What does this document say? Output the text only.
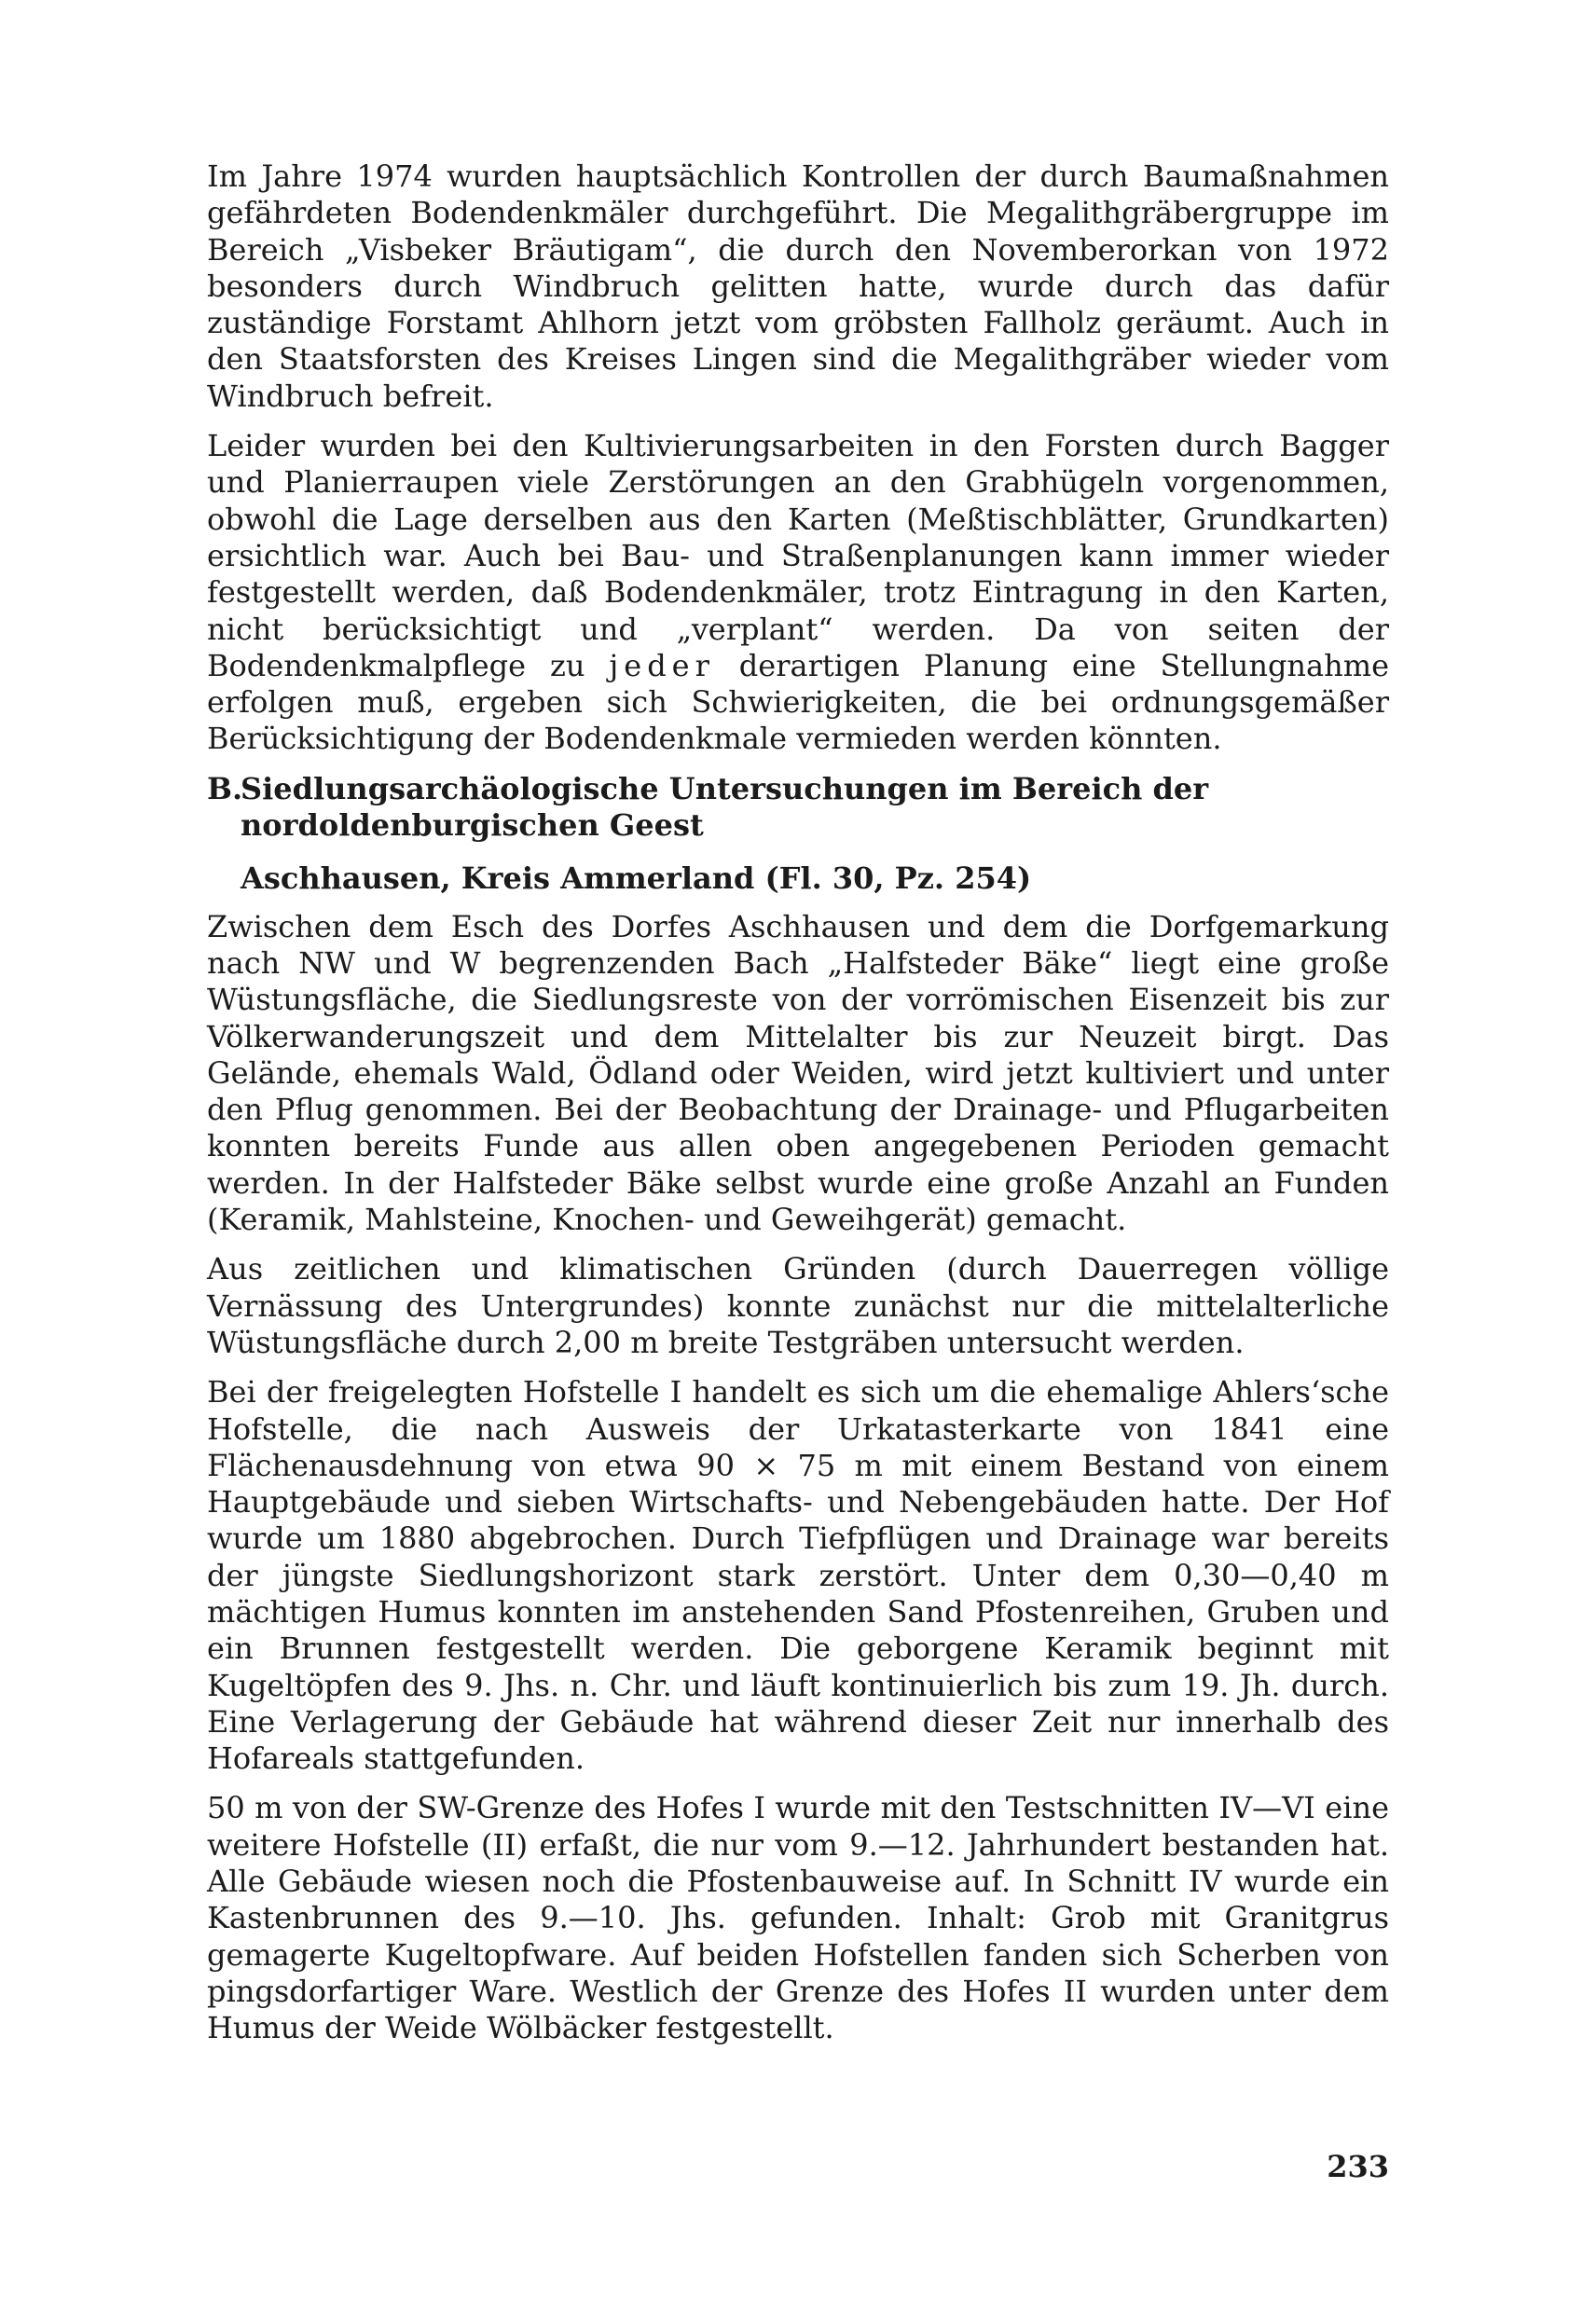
Im Jahre 1974 wurden hauptsächlich Kontrollen der durch Baumaßnahmen gefährdeten Bodendenkmäler durchgeführt. Die Megalithgräbergruppe im Bereich „Visbeker Bräutigam“, die durch den Novemberorkan von 1972 besonders durch Windbruch gelitten hatte, wurde durch das dafür zuständige Forstamt Ahlhorn jetzt vom gröbsten Fallholz geräumt. Auch in den Staatsforsten des Kreises Lingen sind die Megalithgräber wieder vom Windbruch befreit.

Leider wurden bei den Kultivierungsarbeiten in den Forsten durch Bagger und Planierraupen viele Zerstörungen an den Grabhügeln vorgenommen, obwohl die Lage derselben aus den Karten (Meßtischblätter, Grundkarten) ersichtlich war. Auch bei Bau- und Straßenplanungen kann immer wieder festgestellt werden, daß Bodendenkmäler, trotz Eintragung in den Karten, nicht berücksichtigt und „verplant“ werden. Da von seiten der Bodendenkmalpflege zu jeder derartigen Planung eine Stellungnahme erfolgen muß, ergeben sich Schwierigkeiten, die bei ordnungsgemäßer Berücksichtigung der Bodendenkmale vermieden werden könnten.

B.
Siedlungsarchäologische Untersuchungen im Bereich der nordoldenburgischen Geest
Aschhausen, Kreis Ammerland (Fl. 30, Pz. 254)

Zwischen dem Esch des Dorfes Aschhausen und dem die Dorfgemarkung nach NW und W begrenzenden Bach „Halfsteder Bäke“ liegt eine große Wüstungsfläche, die Siedlungsreste von der vorrömischen Eisenzeit bis zur Völkerwanderungszeit und dem Mittelalter bis zur Neuzeit birgt. Das Gelände, ehemals Wald, Ödland oder Weiden, wird jetzt kultiviert und unter den Pflug genommen. Bei der Beobachtung der Drainage- und Pflugarbeiten konnten bereits Funde aus allen oben angegebenen Perioden gemacht werden. In der Halfsteder Bäke selbst wurde eine große Anzahl an Funden (Keramik, Mahlsteine, Knochen- und Geweihgerät) gemacht.

Aus zeitlichen und klimatischen Gründen (durch Dauerregen völlige Vernässung des Untergrundes) konnte zunächst nur die mittelalterliche Wüstungsfläche durch 2,00 m breite Testgräben untersucht werden.

Bei der freigelegten Hofstelle I handelt es sich um die ehemalige Ahlers‘sche Hofstelle, die nach Ausweis der Urkatasterkarte von 1841 eine Flächenausdehnung von etwa 90 × 75 m mit einem Bestand von einem Hauptgebäude und sieben Wirtschafts- und Nebengebäuden hatte. Der Hof wurde um 1880 abgebrochen. Durch Tiefpflügen und Drainage war bereits der jüngste Siedlungshorizont stark zerstört. Unter dem 0,30—0,40 m mächtigen Humus konnten im anstehenden Sand Pfostenreihen, Gruben und ein Brunnen festgestellt werden. Die geborgene Keramik beginnt mit Kugeltöpfen des 9. Jhs. n. Chr. und läuft kontinuierlich bis zum 19. Jh. durch. Eine Verlagerung der Gebäude hat während dieser Zeit nur innerhalb des Hofareals stattgefunden.

50 m von der SW-Grenze des Hofes I wurde mit den Testschnitten IV—VI eine weitere Hofstelle (II) erfaßt, die nur vom 9.—12. Jahrhundert bestanden hat. Alle Gebäude wiesen noch die Pfostenbauweise auf. In Schnitt IV wurde ein Kastenbrunnen des 9.—10. Jhs. gefunden. Inhalt: Grob mit Granitgrus gemagerte Kugeltopfware. Auf beiden Hofstellen fanden sich Scherben von pingsdorfartiger Ware. Westlich der Grenze des Hofes II wurden unter dem Humus der Weide Wölbäcker festgestellt.

233
